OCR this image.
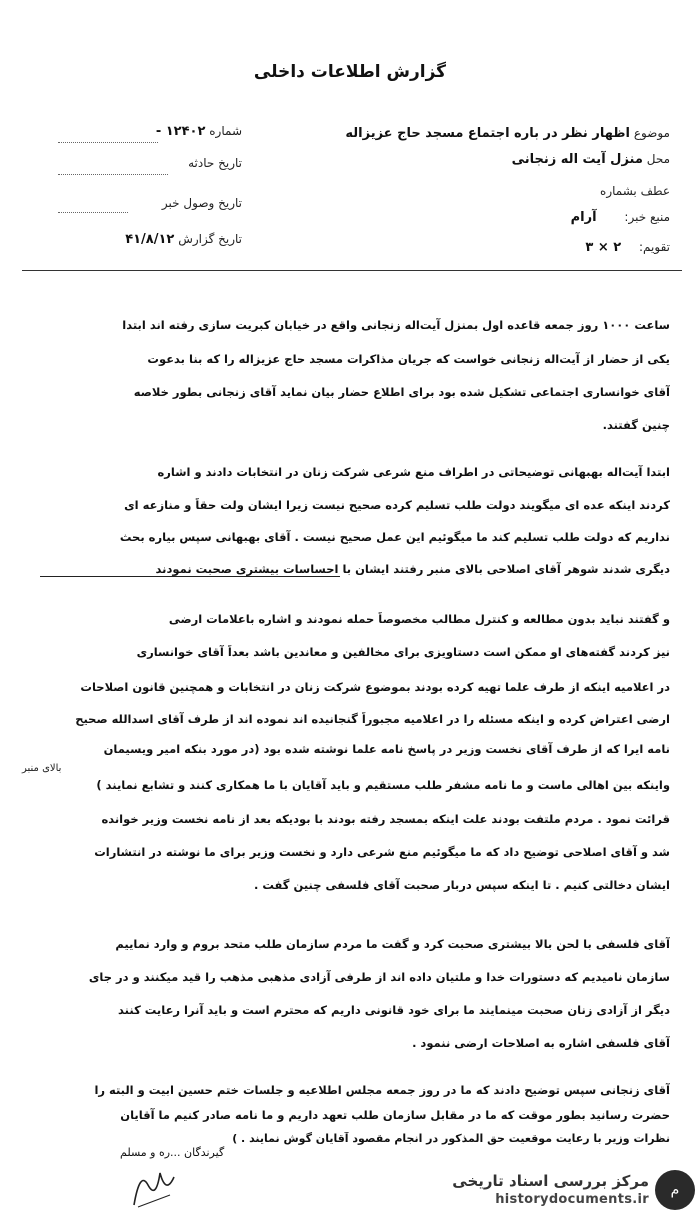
گزارش اطلاعات داخلی
موضوع اظهار نظر در باره اجتماع مسجد حاج عزیزاله
محل منزل آیت اله زنجانی
عطف بشماره
منبع خبر: آرام
تقویم: ۲ × ۳
شماره ۱۲۴۰۲ -
تاریخ حادثه
تاریخ وصول خبر
تاریخ گزارش ۴۱/۸/۱۲
ساعت ۱۰۰۰ روز جمعه قاعده اول بمنزل آیت‌اله زنجانی واقع در خیابان کبریت سازی رفته اند ابتدا
یکی از حضار از آیت‌اله زنجانی خواست که جریان مذاکرات مسجد حاج عزیزاله را که بنا بدعوت
آقای خوانساری اجتماعی تشکیل شده بود برای اطلاع حضار بیان نماید آقای زنجانی بطور خلاصه
چنین گفتند.
ابتدا آیت‌اله بهبهانی توضیحاتی در اطراف منع شرعی شرکت زنان در انتخابات دادند و اشاره
کردند اینکه عده ای میگویند دولت طلب تسلیم کرده صحیح نیست زیرا ایشان ولت حقاً و منازعه ای
نداریم که دولت طلب تسلیم کند ما میگوئیم این عمل صحیح نیست . آقای بهبهانی سپس بیاره بحث
دیگری شدند شوهر آقای اصلاحی بالای منبر رفتند ایشان با احساسات بیشتری صحبت نمودند
و گفتند نباید بدون مطالعه و کنترل مطالب مخصوصاً حمله نمودند و اشاره باعلامات ارضی
نیز کردند گفته‌های او ممکن است دستاویزی برای مخالفین و معاندین باشد بعداً آقای خوانساری
در اعلامیه اینکه از طرف علما تهیه کرده بودند بموضوع شرکت زنان در انتخابات و همچنین قانون اصلاحات
ارضی اعتراض کرده و اینکه مسئله را در اعلامیه مجبوراً گنجانیده اند نموده اند از طرف آقای اسدالله صحیح
نامه ایرا که از طرف آقای نخست وزیر در پاسخ نامه علما نوشته شده بود (در مورد بنکه امیر ویسیمان
بالای منبر
واینکه بین اهالی ماست و ما نامه مشفر طلب مستقیم و باید آقایان با ما همکاری کنند و تشابع نمایند )
قرائت نمود . مردم ملتفت بودند علت اینکه بمسجد رفته بودند با بودیکه بعد از نامه نخست وزیر خوانده
شد و آقای اصلاحی توضیح داد که ما میگوئیم منع شرعی دارد و نخست وزیر برای ما نوشته در انتشارات
ایشان دخالتی کنیم . تا اینکه سپس دربار صحبت آقای فلسفی چنین گفت .
آقای فلسفی با لحن بالا بیشتری صحبت کرد و گفت ما مردم سازمان طلب متحد بروم و وارد نماییم
سازمان نامیدیم که دستورات خدا و ملتیان داده اند از طرفی آزادی مذهبی مذهب را قید میکنند و در جای
دیگر از آزادی زنان صحبت مینمایند ما برای خود قانونی داریم که محترم است و باید آنرا رعایت کنند
آقای فلسفی اشاره به اصلاحات ارضی ننمود .
آقای زنجانی سپس توضیح دادند که ما در روز جمعه مجلس اطلاعیه و جلسات ختم حسین ابیت و البته را
حضرت رسانید بطور موقت که ما در مقابل سازمان طلب تعهد داریم و ما نامه صادر کنیم ما آقایان
نظرات وزیر با رعایت موقعیت حق المذکور در انجام مقصود آقایان گوش نمایند . )
گیرندگان ...ره و مسلم
م
مرکز بررسی اسناد تاریخی
historydocuments.ir
